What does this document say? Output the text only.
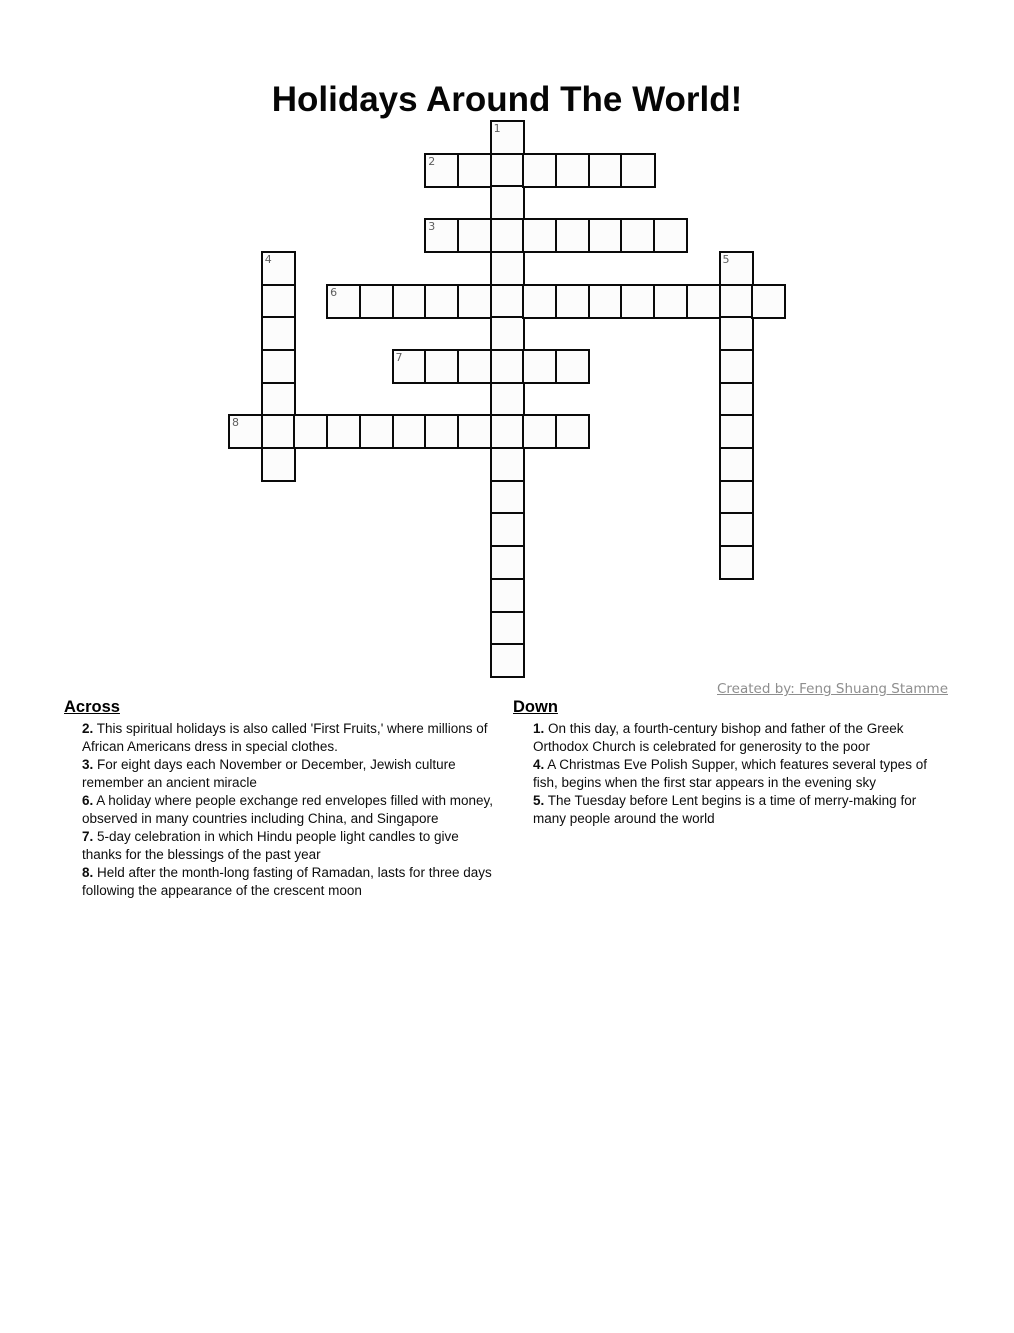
Holidays Around The World!
1
2
3
4	5
6
7
8
Created by: Feng Shuang Stamme
Across

2. This spiritual holidays is also called 'First Fruits,' where millions of African Americans dress in special clothes.

3. For eight days each November or December, Jewish culture remember an ancient miracle

6. A holiday where people exchange red envelopes filled with money, observed in many countries including China, and Singapore

7. 5-day celebration in which Hindu people light candles to give thanks for the blessings of the past year

8. Held after the month-long fasting of Ramadan, lasts for three days following the appearance of the crescent moon

Down

1. On this day, a fourth-century bishop and father of the Greek Orthodox Church is celebrated for generosity to the poor

4. A Christmas Eve Polish Supper, which features several types of fish, begins when the first star appears in the evening sky

5. The Tuesday before Lent begins is a time of merry-making for many people around the world
